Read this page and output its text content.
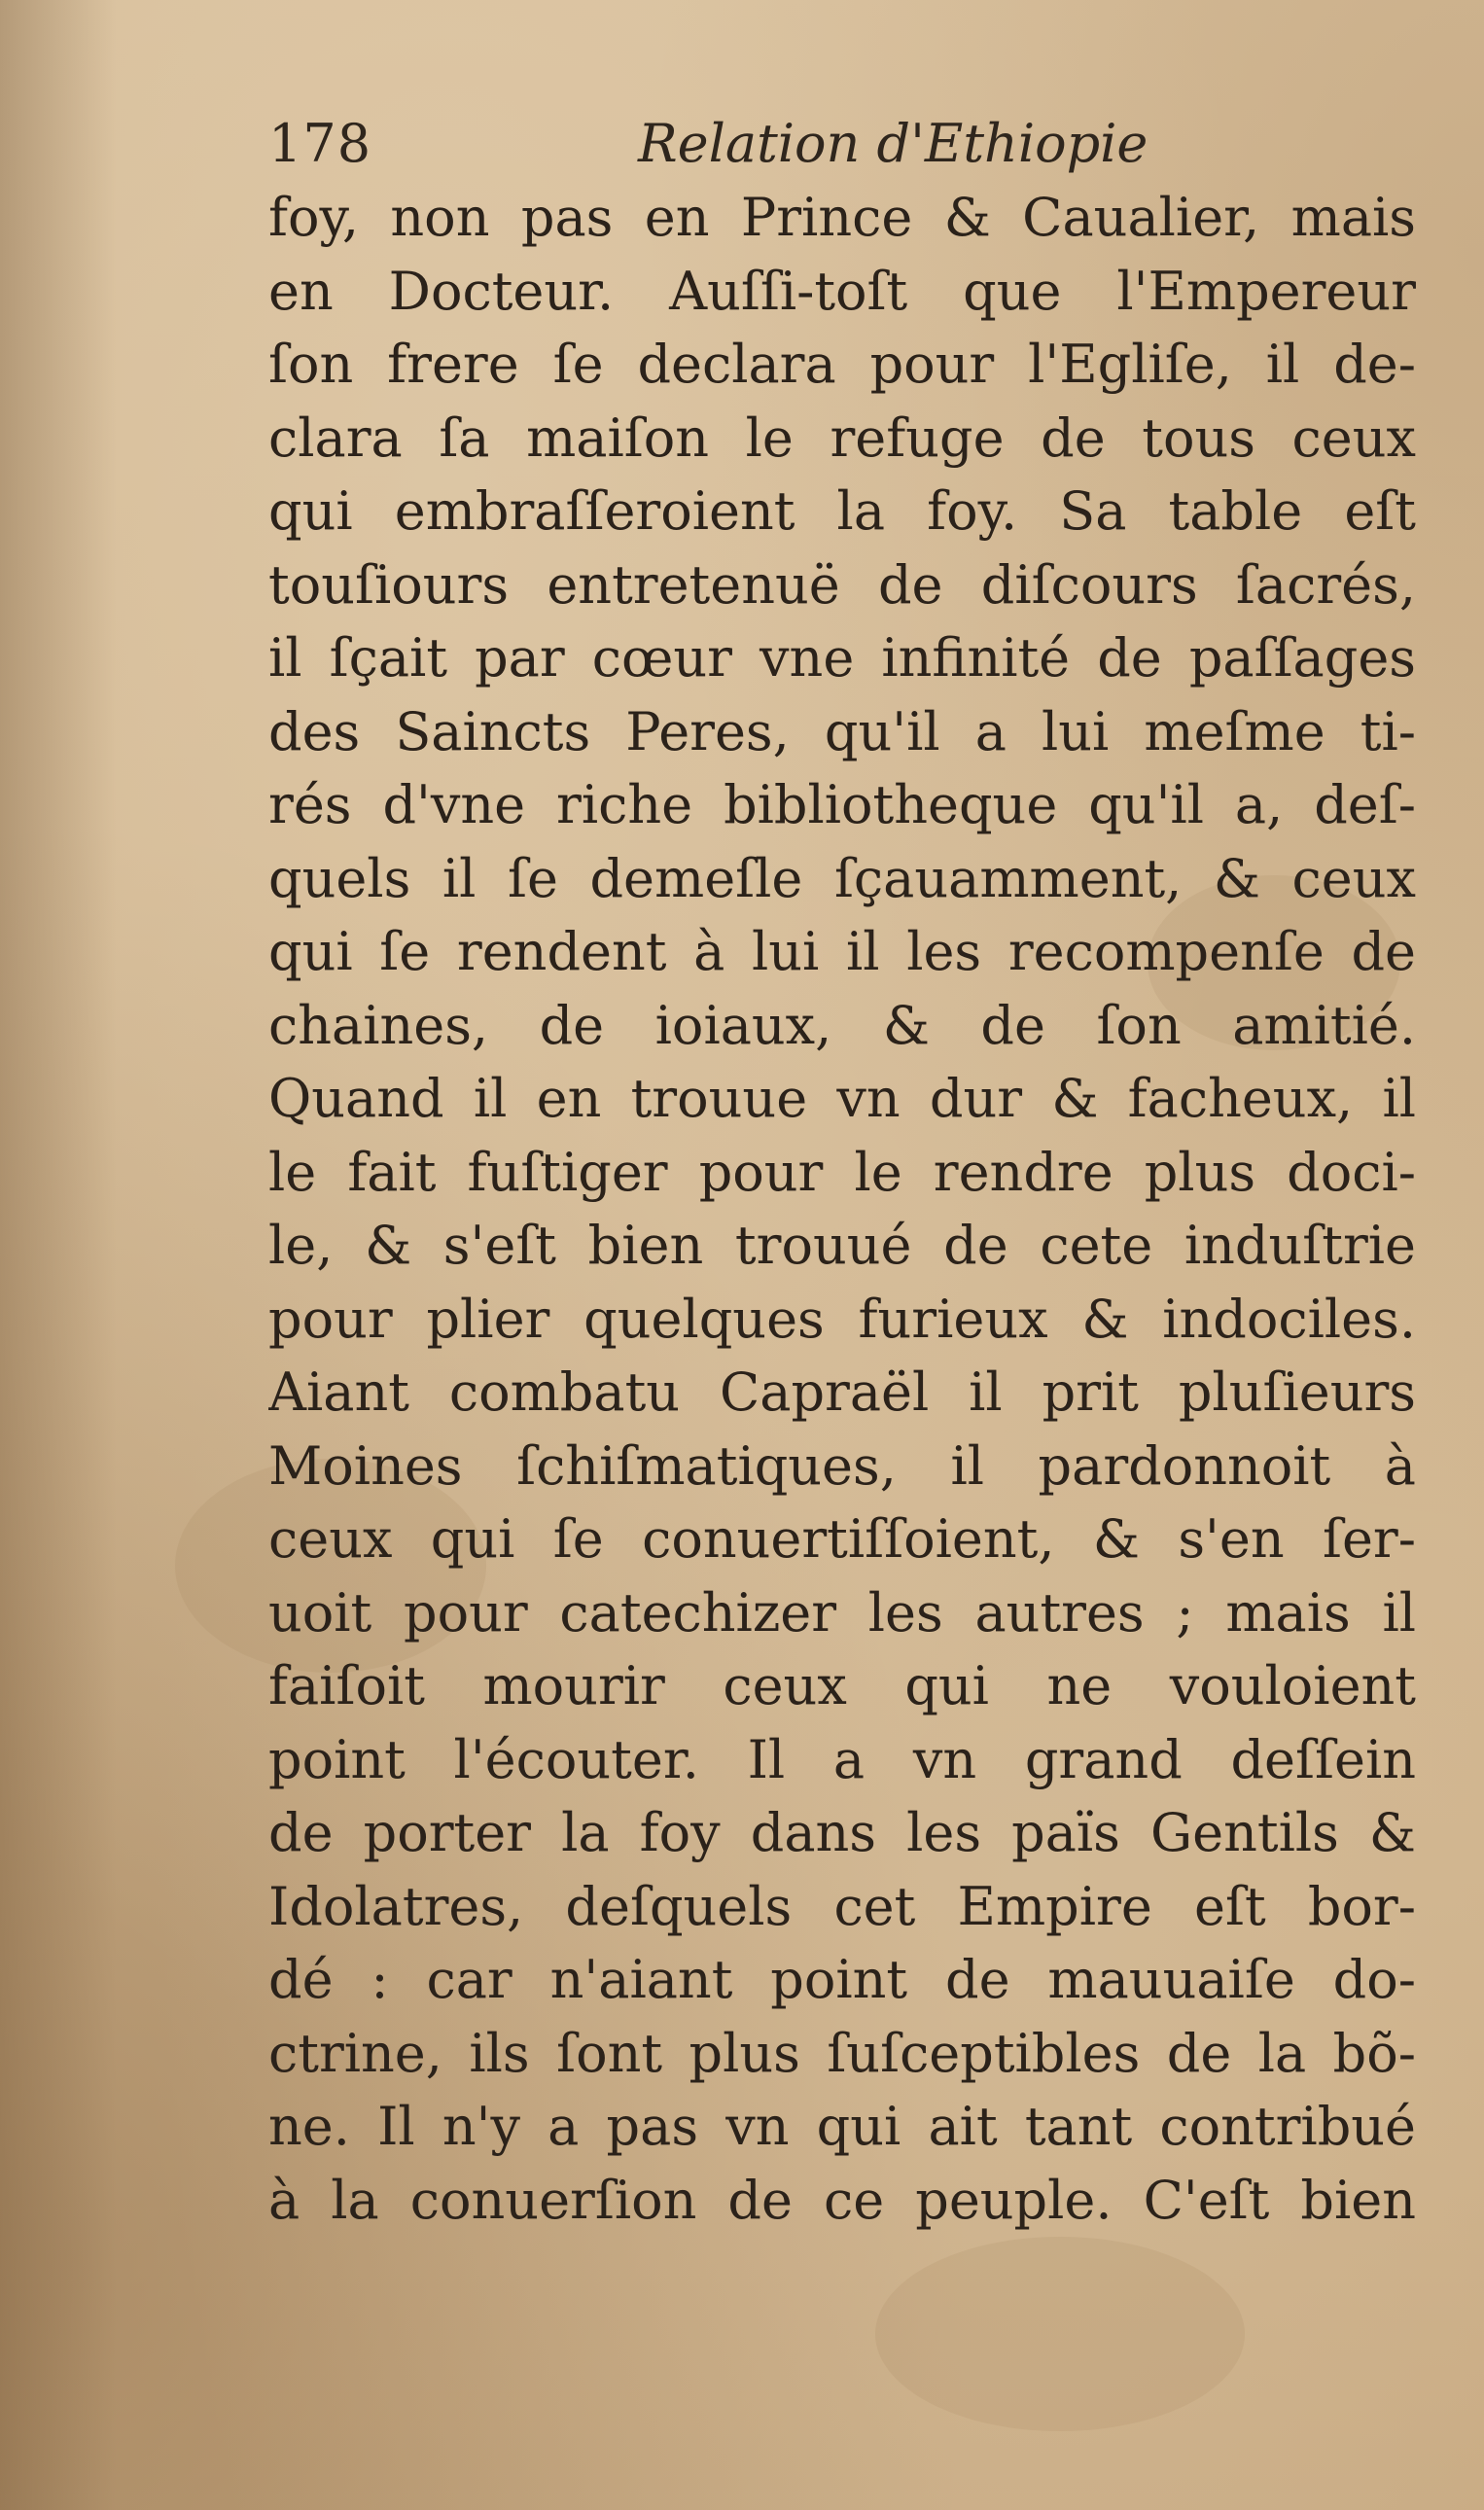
178	Relation d'Ethiopie
foy, non pas en Prince & Caualier, mais
en Docteur. Auſſi-toſt que l'Empereur
ſon frere ſe declara pour l'Egliſe, il de-
clara ſa maiſon le refuge de tous ceux
qui embraſſeroient la foy. Sa table eſt
touſiours entretenuë de diſcours ſacrés,
il ſçait par cœur vne infinité de paſſages
des Saincts Peres, qu'il a lui meſme ti-
rés d'vne riche bibliotheque qu'il a, deſ-
quels il ſe demeſle ſçauamment, & ceux
qui ſe rendent à lui il les recompenſe de
chaines, de ioiaux, & de ſon amitié.
Quand il en trouue vn dur & facheux, il
le fait fuſtiger pour le rendre plus doci-
le, & s'eſt bien trouué de cete induſtrie
pour plier quelques furieux & indociles.
Aiant combatu Capraël il prit pluſieurs
Moines ſchiſmatiques, il pardonnoit à
ceux qui ſe conuertiſſoient, & s'en ſer-
uoit pour catechizer les autres ; mais il
faiſoit mourir ceux qui ne vouloient
point l'écouter. Il a vn grand deſſein
de porter la foy dans les païs Gentils &
Idolatres, deſquels cet Empire eſt bor-
dé : car n'aiant point de mauuaiſe do-
ctrine, ils ſont plus ſuſceptibles de la bõ-
ne. Il n'y a pas vn qui ait tant contribué
à la conuerſion de ce peuple. C'eſt bien
